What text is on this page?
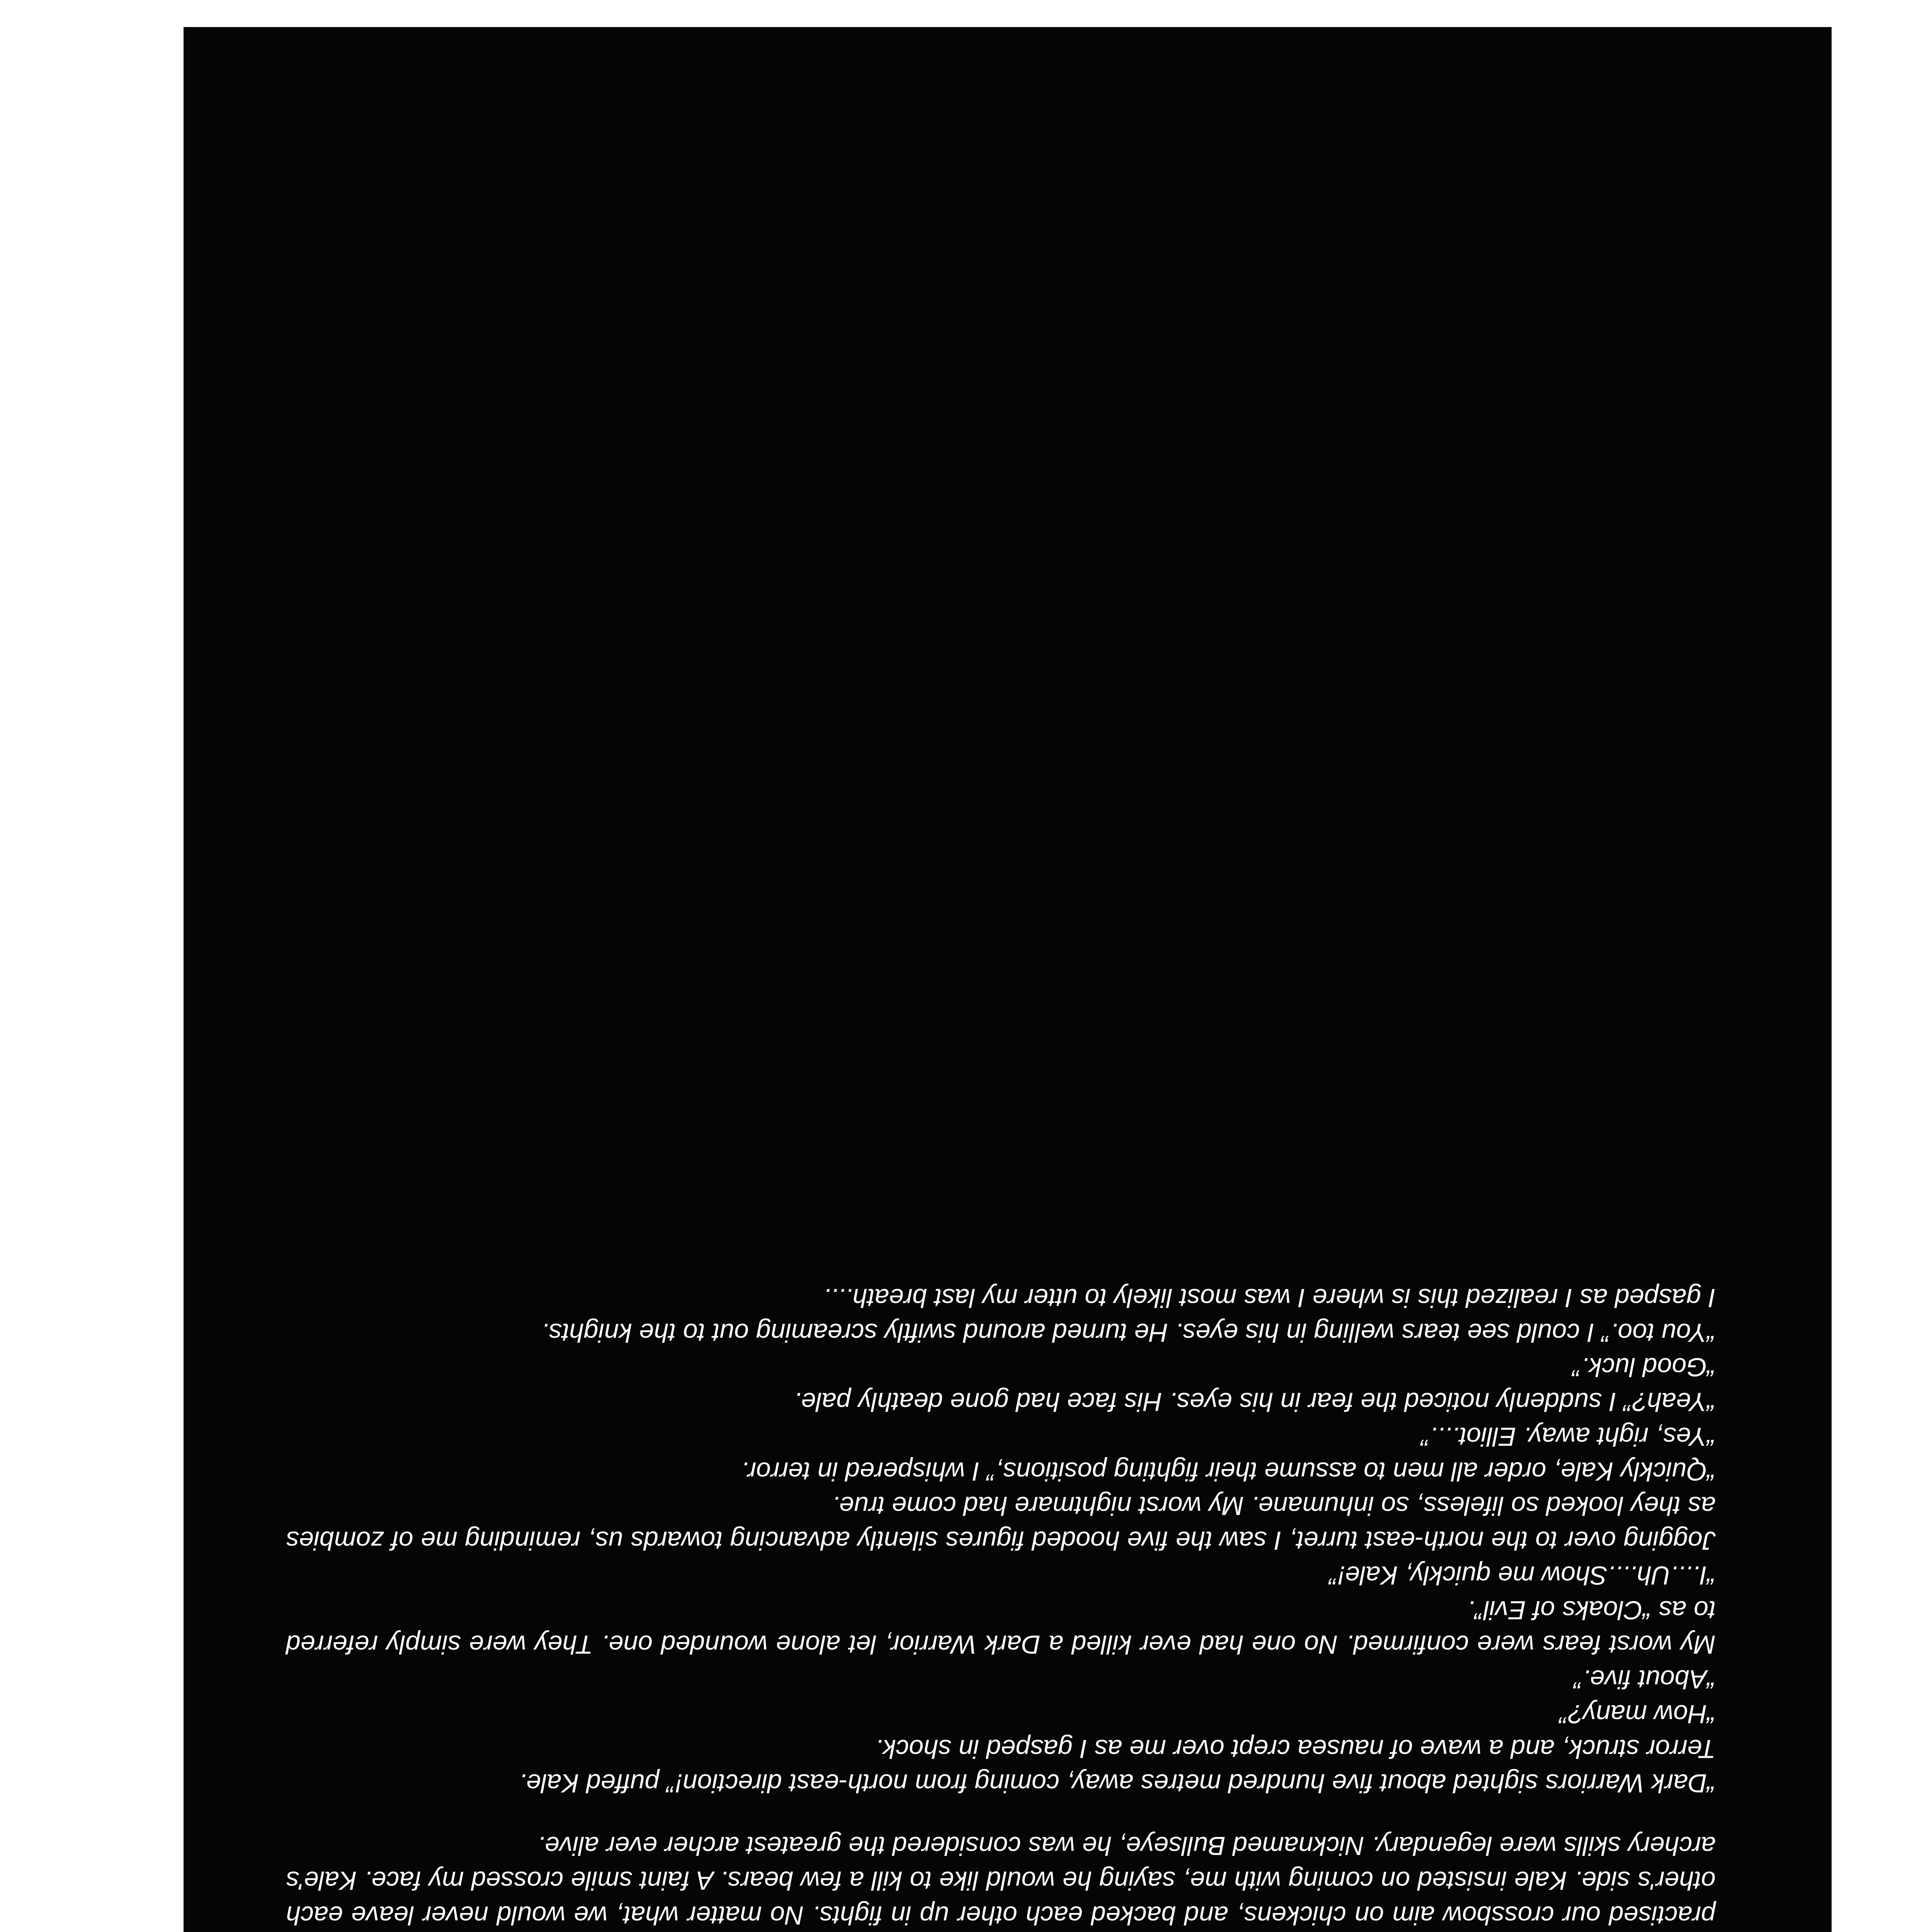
practised our crossbow aim on chickens, and backed each other up in fights. No matter what, we would never leave each other's side. Kale insisted on coming with me, saying he would like to kill a few bears. A faint smile crossed my face. Kale's archery skills were legendary. Nicknamed Bullseye, he was considered the greatest archer ever alive.

“Dark Warriors sighted about five hundred metres away, coming from north-east direction!” puffed Kale.
Terror struck, and a wave of nausea crept over me as I gasped in shock.
“How many?”
“About five.”
My worst fears were confirmed. No one had ever killed a Dark Warrior, let alone wounded one. They were simply referred to as “Cloaks of Evil”.
“I....Uh....Show me quickly, Kale!”
Jogging over to the north-east turret, I saw the five hooded figures silently advancing towards us, reminding me of zombies as they looked so lifeless, so inhumane. My worst nightmare had come true.
“Quickly Kale, order all men to assume their fighting positions,” I whispered in terror.
“Yes, right away. Elliot....”
“Yeah?” I suddenly noticed the fear in his eyes. His face had gone deathly pale.
“Good luck.”
“You too.” I could see tears welling in his eyes. He turned around swiftly screaming out to the knights.
I gasped as I realized this is where I was most likely to utter my last breath....
